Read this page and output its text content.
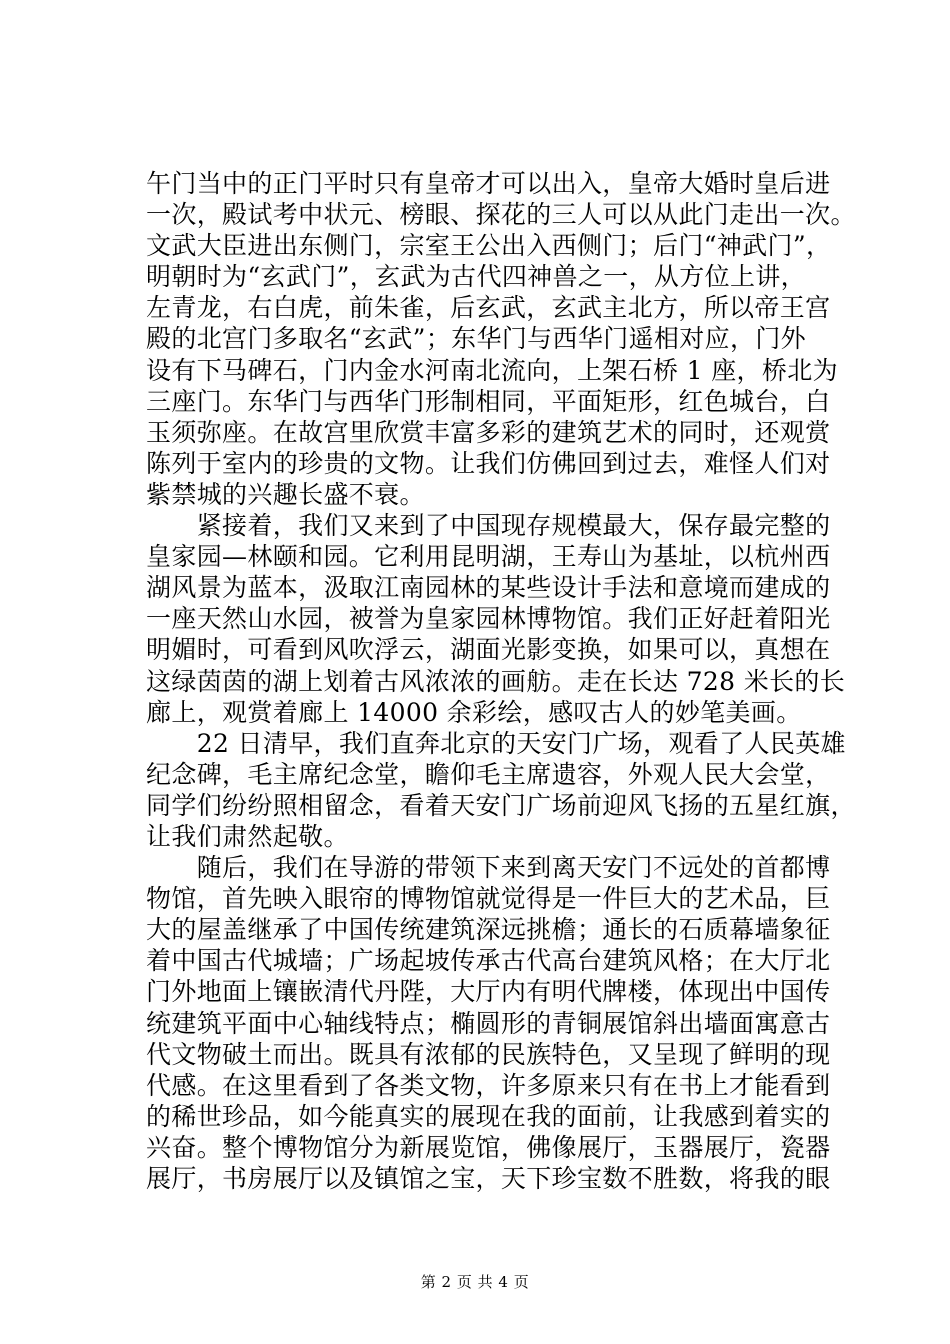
午门当中的正门平时只有皇帝才可以出入，皇帝大婚时皇后进
一次，殿试考中状元、榜眼、探花的三人可以从此门走出一次。
文武大臣进出东侧门，宗室王公出入西侧门；后门“神武门”，
明朝时为“玄武门”，玄武为古代四神兽之一，从方位上讲，
左青龙，右白虎，前朱雀，后玄武，玄武主北方，所以帝王宫
殿的北宫门多取名“玄武”；东华门与西华门遥相对应，门外
设有下马碑石，门内金水河南北流向，上架石桥 1 座，桥北为
三座门。东华门与西华门形制相同，平面矩形，红色城台，白
玉须弥座。在故宫里欣赏丰富多彩的建筑艺术的同时，还观赏
陈列于室内的珍贵的文物。让我们仿佛回到过去，难怪人们对
紫禁城的兴趣长盛不衰。
　　紧接着，我们又来到了中国现存规模最大，保存最完整的
皇家园—林颐和园。它利用昆明湖，王寿山为基址，以杭州西
湖风景为蓝本，汲取江南园林的某些设计手法和意境而建成的
一座天然山水园，被誉为皇家园林博物馆。我们正好赶着阳光
明媚时，可看到风吹浮云，湖面光影变换，如果可以，真想在
这绿茵茵的湖上划着古风浓浓的画舫。走在长达 728 米长的长
廊上，观赏着廊上 14000 余彩绘，感叹古人的妙笔美画。
　　22 日清早，我们直奔北京的天安门广场，观看了人民英雄
纪念碑，毛主席纪念堂，瞻仰毛主席遗容，外观人民大会堂，
同学们纷纷照相留念，看着天安门广场前迎风飞扬的五星红旗，
让我们肃然起敬。
　　随后，我们在导游的带领下来到离天安门不远处的首都博
物馆，首先映入眼帘的博物馆就觉得是一件巨大的艺术品，巨
大的屋盖继承了中国传统建筑深远挑檐；通长的石质幕墙象征
着中国古代城墙；广场起坡传承古代高台建筑风格；在大厅北
门外地面上镶嵌清代丹陛，大厅内有明代牌楼，体现出中国传
统建筑平面中心轴线特点；椭圆形的青铜展馆斜出墙面寓意古
代文物破土而出。既具有浓郁的民族特色，又呈现了鲜明的现
代感。在这里看到了各类文物，许多原来只有在书上才能看到
的稀世珍品，如今能真实的展现在我的面前，让我感到着实的
兴奋。整个博物馆分为新展览馆，佛像展厅，玉器展厅，瓷器
展厅，书房展厅以及镇馆之宝，天下珍宝数不胜数，将我的眼
第 2 页 共 4 页
